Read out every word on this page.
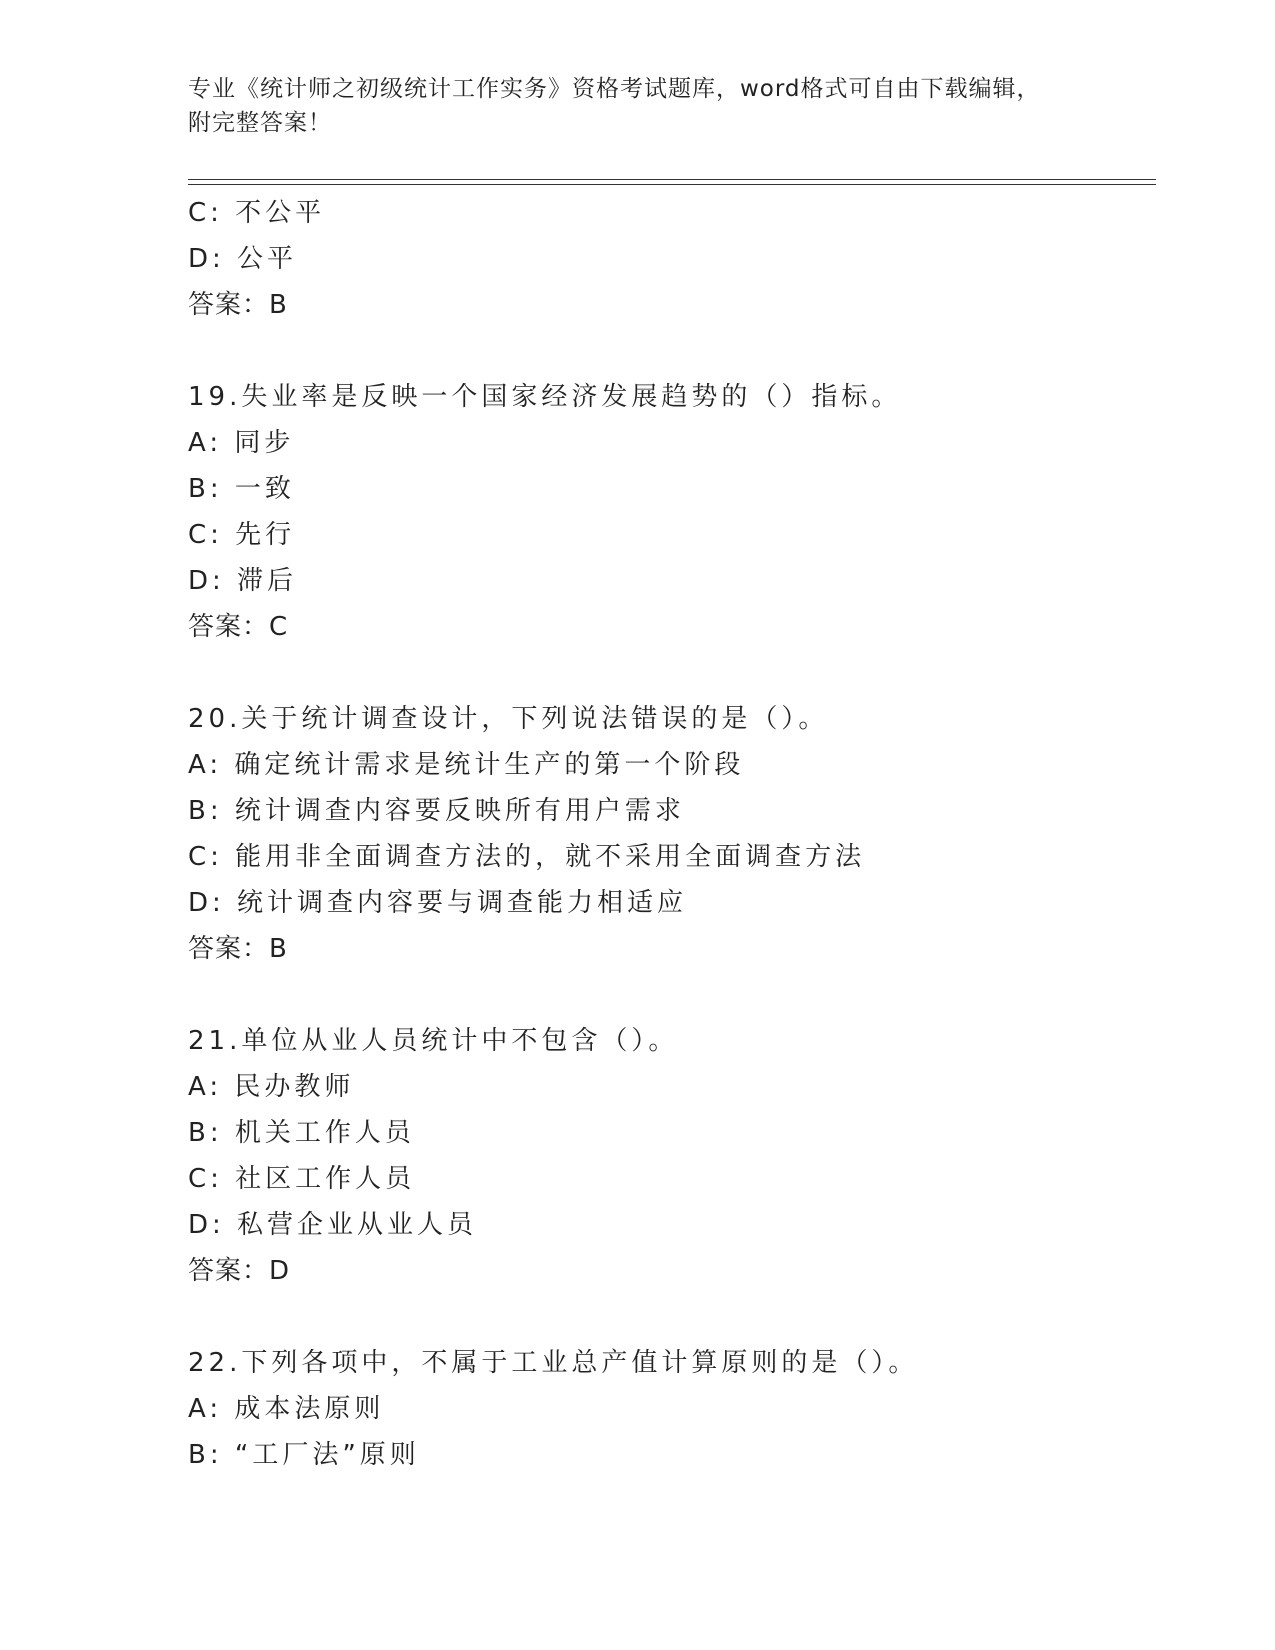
专业《统计师之初级统计工作实务》资格考试题库，word格式可自由下载编辑，
附完整答案！
C: 不公平
D: 公平
答案：B
19.失业率是反映一个国家经济发展趋势的（）指标。
A: 同步
B: 一致
C: 先行
D: 滞后
答案：C
20.关于统计调查设计，下列说法错误的是（）。
A: 确定统计需求是统计生产的第一个阶段
B: 统计调查内容要反映所有用户需求
C: 能用非全面调查方法的，就不采用全面调查方法
D: 统计调查内容要与调查能力相适应
答案：B
21.单位从业人员统计中不包含（）。
A: 民办教师
B: 机关工作人员
C: 社区工作人员
D: 私营企业从业人员
答案：D
22.下列各项中，不属于工业总产值计算原则的是（）。
A: 成本法原则
B: “工厂法”原则
